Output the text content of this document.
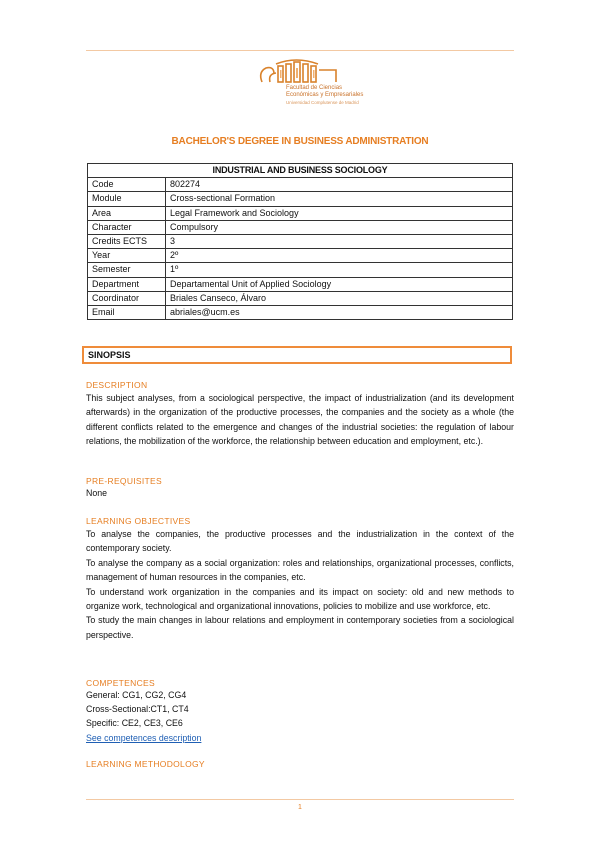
Facultad de Ciencias
Económicas y Empresariales
Universidad Complutense de Madrid
BACHELOR'S DEGREE IN BUSINESS ADMINISTRATION
INDUSTRIAL AND BUSINESS SOCIOLOGY	
Code	802274
Module	Cross-sectional Formation
Area	Legal Framework and Sociology
Character	Compulsory
Credits ECTS	3
Year	2º
Semester	1º
Department	Departamental Unit of Applied Sociology
Coordinator	Briales Canseco, Álvaro
Email	abriales@ucm.es
SINOPSIS
DESCRIPTION
This subject analyses, from a sociological perspective, the impact of industrialization (and its development afterwards) in the organization of the productive processes, the companies and the society as a whole (the different conflicts related to the emergence and changes of the industrial societies: the regulation of labour relations, the mobilization of the workforce, the relationship between education and employment, etc.).
PRE-REQUISITES
None
LEARNING OBJECTIVES
To analyse the companies, the productive processes and the industrialization in the context of the contemporary society.
To analyse the company as a social organization: roles and relationships, organizational processes, conflicts, management of human resources in the companies, etc.
To understand work organization in the companies and its impact on society: old and new methods to organize work, technological and organizational innovations, policies to mobilize and use workforce, etc.
To study the main changes in labour relations and employment in contemporary societies from a sociological perspective.
COMPETENCES
General: CG1, CG2, CG4
Cross-Sectional:CT1, CT4
Specific: CE2, CE3, CE6
See competences description
LEARNING METHODOLOGY
1
